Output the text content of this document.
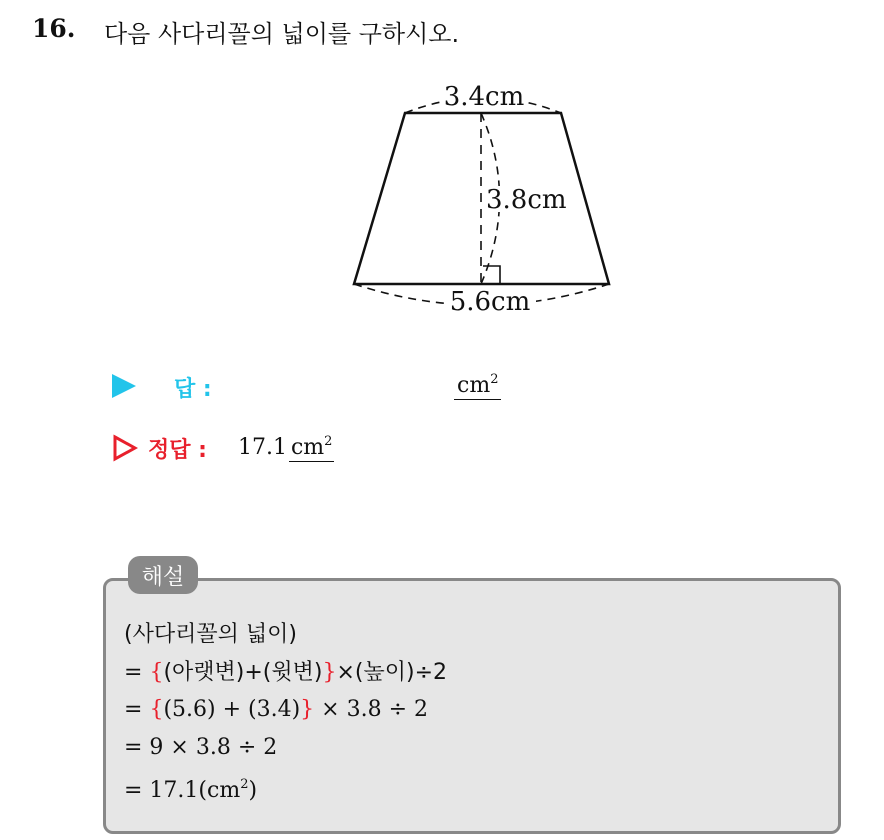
16. 다음 사다리꼴의 넓이를 구하시오.
3.4cm
3.8cm
5.6cm
답 :	$cm^2$
정답 : 17.1 $cm^2$
해설
(사다리꼴의 넓이)
= {(아랫변)+(윗변)}×(높이)÷2
= {(5.6) + (3.4)} × 3.8 ÷ 2
= 9 × 3.8 ÷ 2
= $17.1(cm^2)$
